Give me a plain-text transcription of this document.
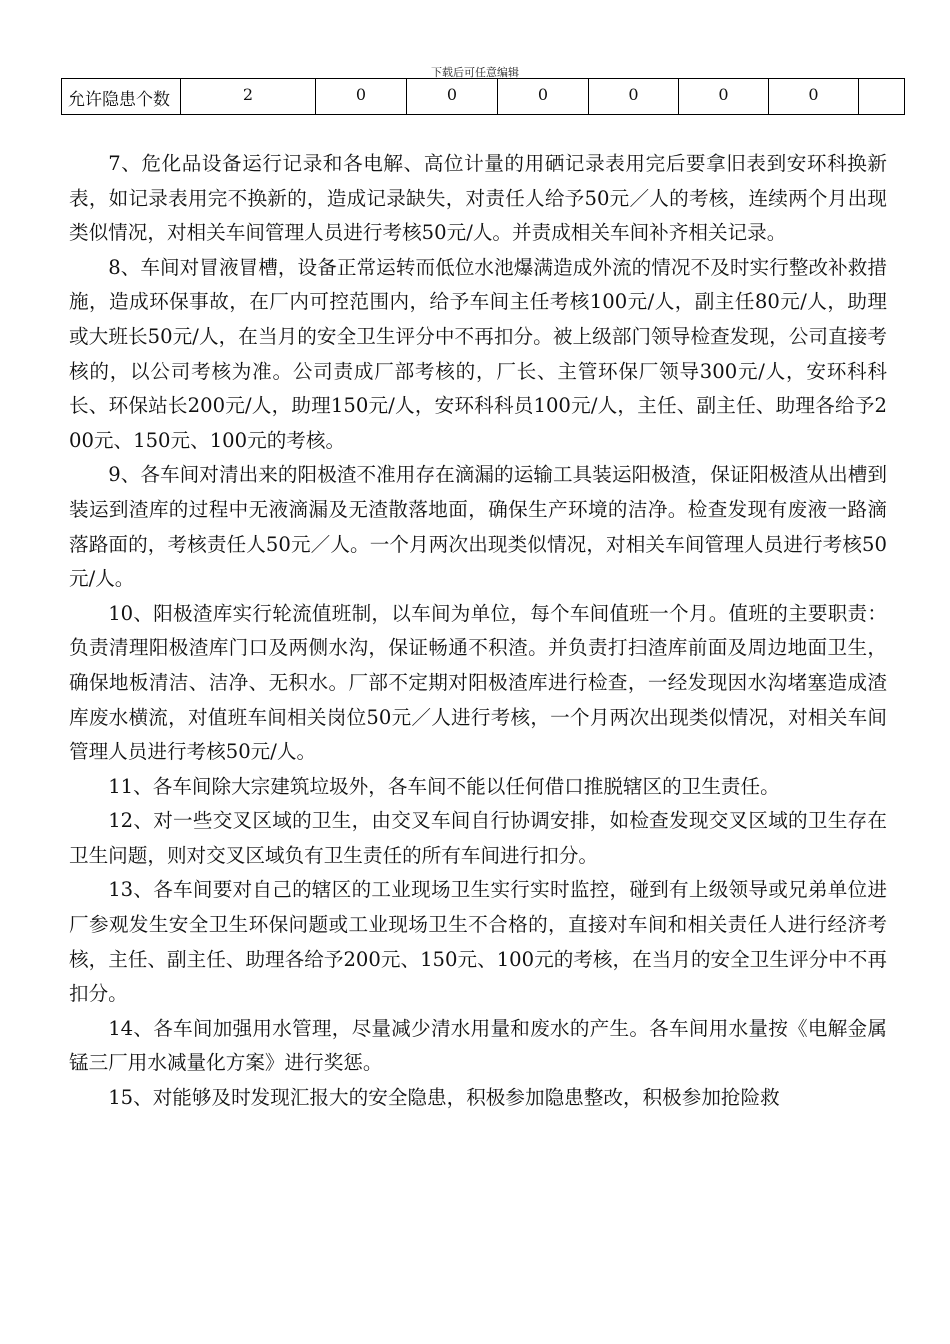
下载后可任意编辑
允许隐患个数	2	0	0	0	0	0	0	

7、危化品设备运行记录和各电解、高位计量的用硒记录表用完后要拿旧表到安环科换新表，如记录表用完不换新的，造成记录缺失，对责任人给予50元／人的考核，连续两个月出现类似情况，对相关车间管理人员进行考核50元/人。并责成相关车间补齐相关记录。

8、车间对冒液冒槽，设备正常运转而低位水池爆满造成外流的情况不及时实行整改补救措施，造成环保事故，在厂内可控范围内，给予车间主任考核100元/人，副主任80元/人，助理或大班长50元/人，在当月的安全卫生评分中不再扣分。被上级部门领导检查发现，公司直接考核的，以公司考核为准。公司责成厂部考核的，厂长、主管环保厂领导300元/人，安环科科长、环保站长200元/人，助理150元/人，安环科科员100元/人，主任、副主任、助理各给予200元、150元、100元的考核。

9、各车间对清出来的阳极渣不准用存在滴漏的运输工具装运阳极渣，保证阳极渣从出槽到装运到渣库的过程中无液滴漏及无渣散落地面，确保生产环境的洁净。检查发现有废液一路滴落路面的，考核责任人50元／人。一个月两次出现类似情况，对相关车间管理人员进行考核50元/人。

10、阳极渣库实行轮流值班制，以车间为单位，每个车间值班一个月。值班的主要职责：负责清理阳极渣库门口及两侧水沟，保证畅通不积渣。并负责打扫渣库前面及周边地面卫生，确保地板清洁、洁净、无积水。厂部不定期对阳极渣库进行检查，一经发现因水沟堵塞造成渣库废水横流，对值班车间相关岗位50元／人进行考核，一个月两次出现类似情况，对相关车间管理人员进行考核50元/人。

11、各车间除大宗建筑垃圾外，各车间不能以任何借口推脱辖区的卫生责任。

12、对一些交叉区域的卫生，由交叉车间自行协调安排，如检查发现交叉区域的卫生存在卫生问题，则对交叉区域负有卫生责任的所有车间进行扣分。

13、各车间要对自己的辖区的工业现场卫生实行实时监控，碰到有上级领导或兄弟单位进厂参观发生安全卫生环保问题或工业现场卫生不合格的，直接对车间和相关责任人进行经济考核，主任、副主任、助理各给予200元、150元、100元的考核，在当月的安全卫生评分中不再扣分。

14、各车间加强用水管理，尽量减少清水用量和废水的产生。各车间用水量按《电解金属锰三厂用水减量化方案》进行奖惩。

15、对能够及时发现汇报大的安全隐患，积极参加隐患整改，积极参加抢险救
